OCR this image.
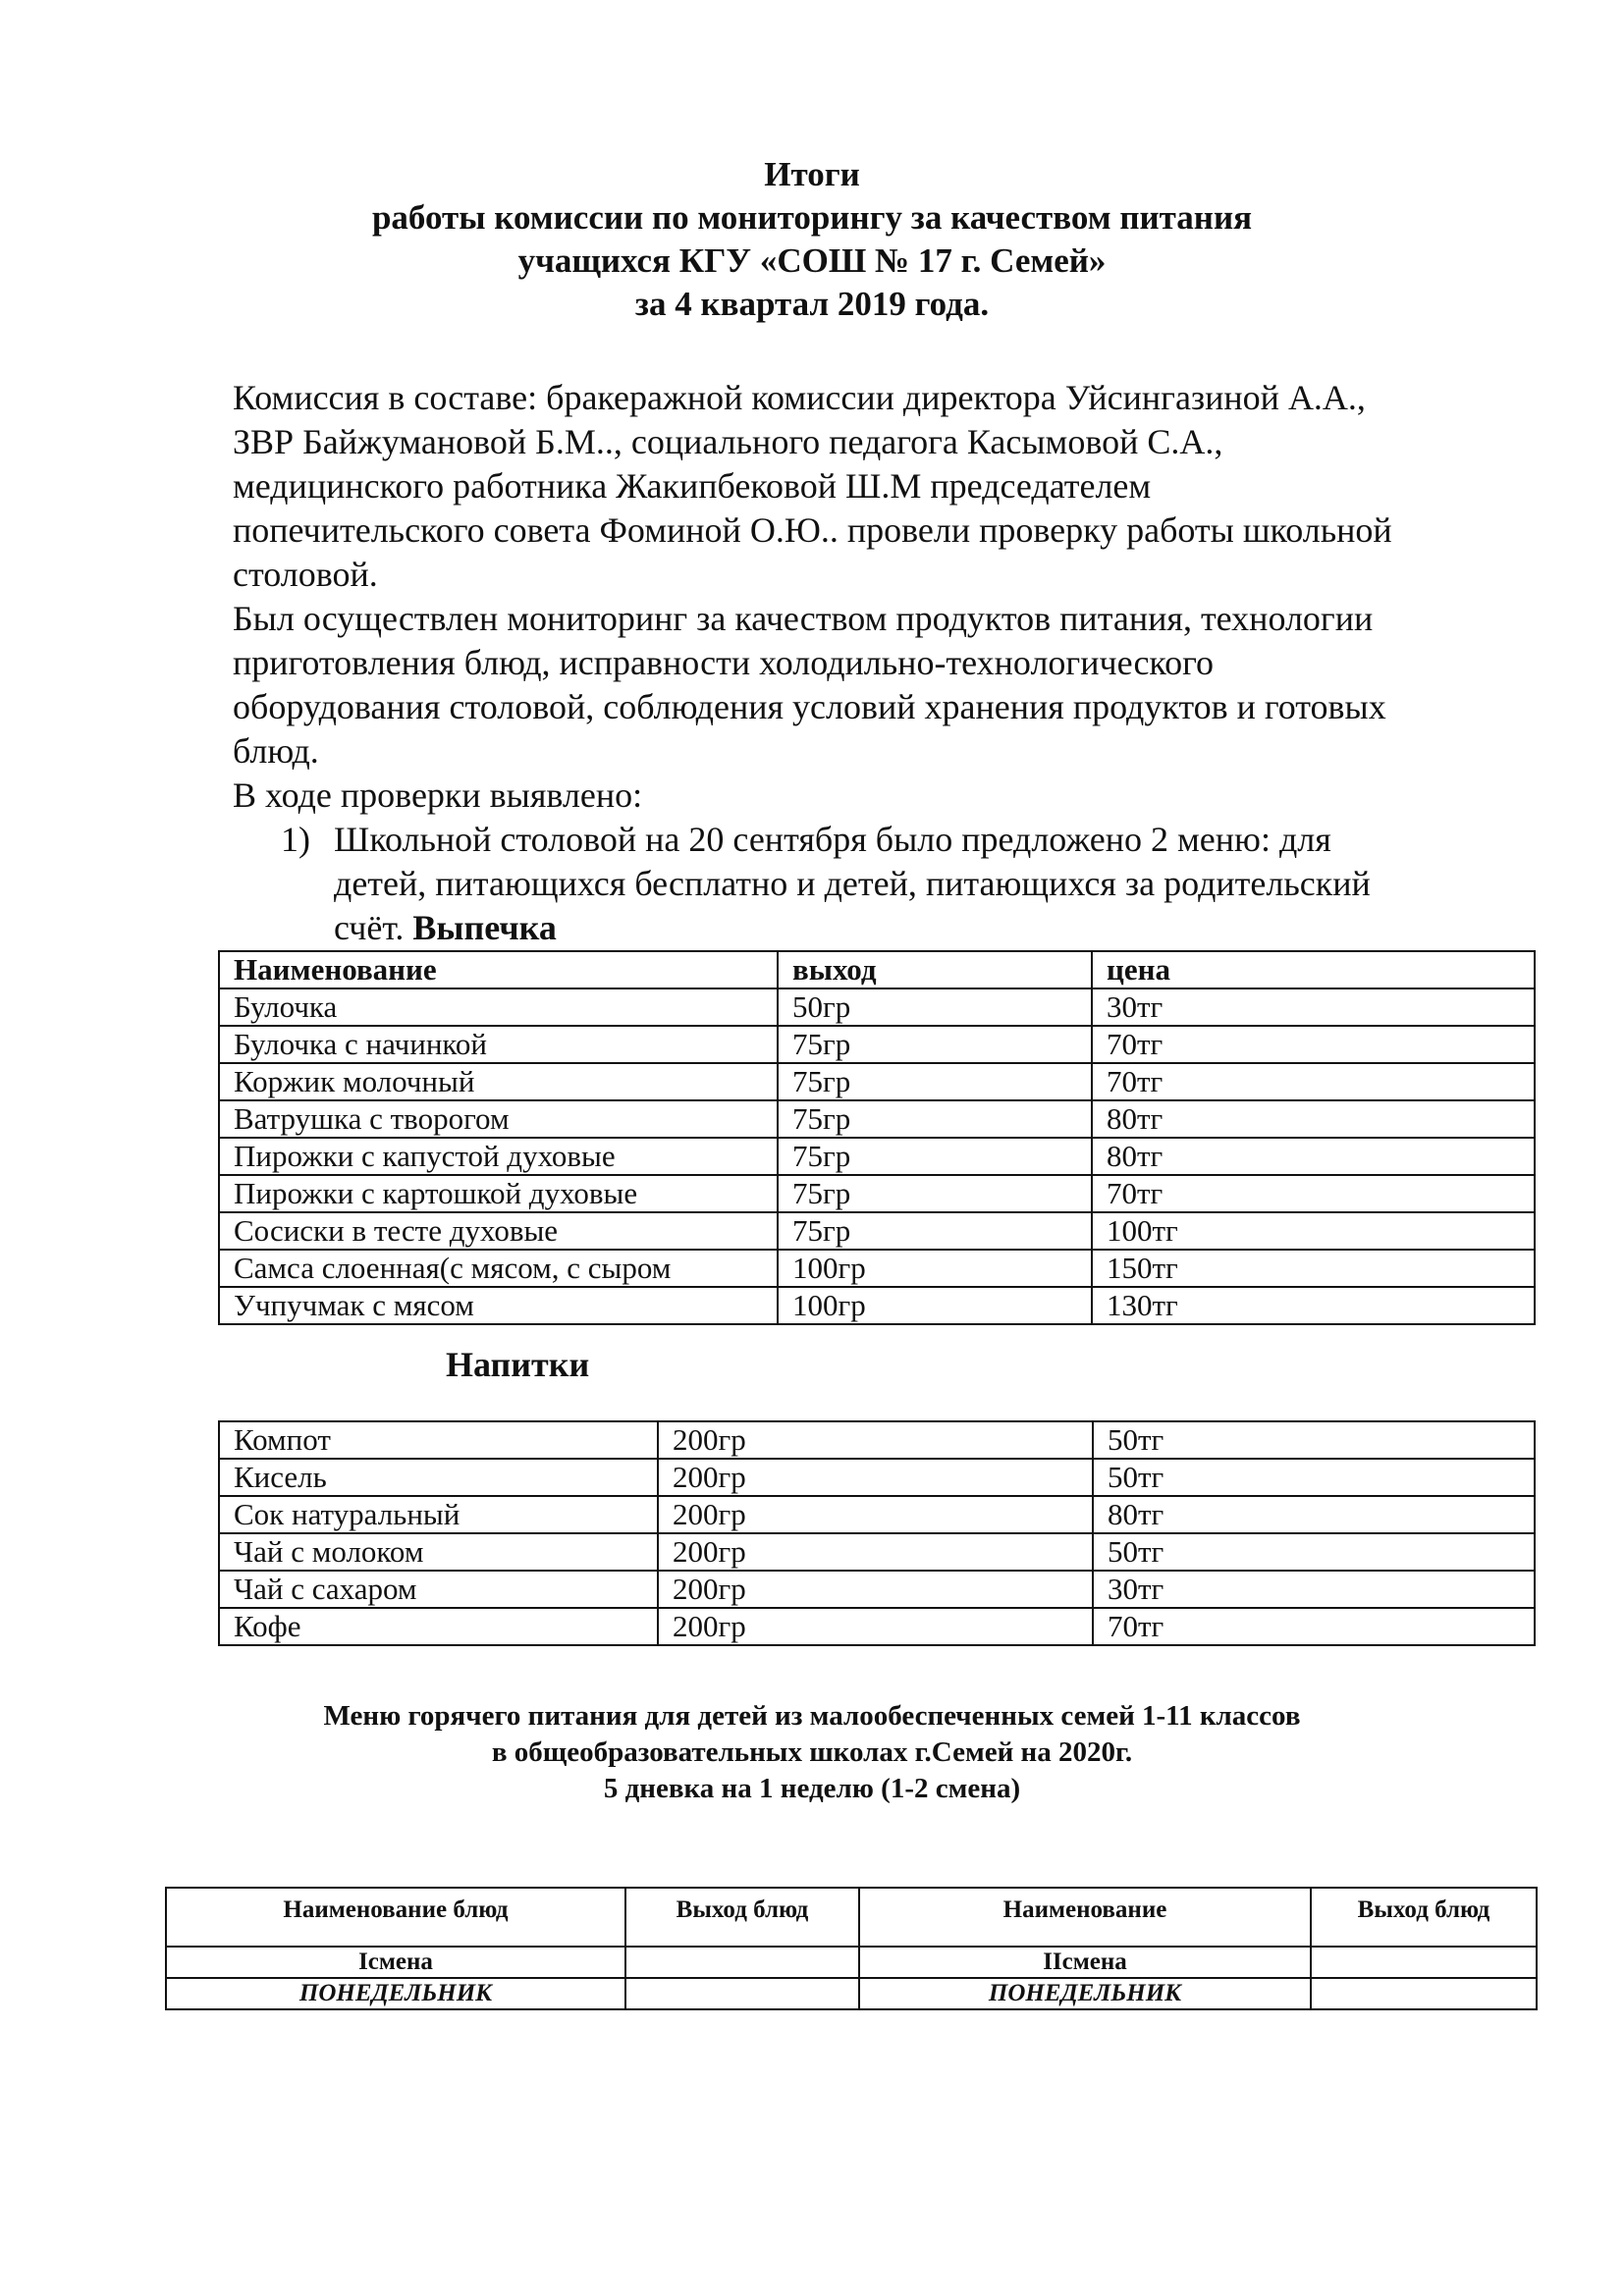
Итоги
работы комиссии по мониторингу за качеством питания
учащихся КГУ «СОШ № 17 г. Семей»
за 4 квартал 2019 года.

Комиссия в составе: бракеражной комиссии директора Уйсингазиной А.А.,

ЗВР Байжумановой Б.М.., социального педагога Касымовой С.А.,

медицинского работника Жакипбековой Ш.М председателем

попечительского совета Фоминой О.Ю.. провели проверку работы школьной

столовой.

Был осуществлен мониторинг за качеством продуктов питания, технологии

приготовления блюд, исправности холодильно-технологического

оборудования столовой, соблюдения условий хранения продуктов и готовых

блюд.

В ходе проверки выявлено:

1) Школьной столовой на 20 сентября было предложено 2 меню: для
детей, питающихся бесплатно и детей, питающихся за родительский
счёт. Выпечка
Наименование	выход	цена
Булочка	50гр	30тг
Булочка с начинкой	75гр	70тг
Коржик молочный	75гр	70тг
Ватрушка с творогом	75гр	80тг
Пирожки с капустой духовые	75гр	80тг
Пирожки с картошкой духовые	75гр	70тг
Сосиски в тесте духовые	75гр	100тг
Самса слоенная(с мясом, с сыром	100гр	150тг
Учпучмак с мясом	100гр	130тг
Напитки
Компот	200гр	50тг
Кисель	200гр	50тг
Сок натуральный	200гр	80тг
Чай с молоком	200гр	50тг
Чай с сахаром	200гр	30тг
Кофе	200гр	70тг
Меню горячего питания для детей из малообеспеченных семей 1-11 классов
в общеобразовательных школах г.Семей на 2020г.
5 дневка на 1 неделю (1-2 смена)
Наименование блюд	Выход блюд	Наименование	Выход блюд
Iсмена		IIсмена	
ПОНЕДЕЛЬНИК		ПОНЕДЕЛЬНИК	
